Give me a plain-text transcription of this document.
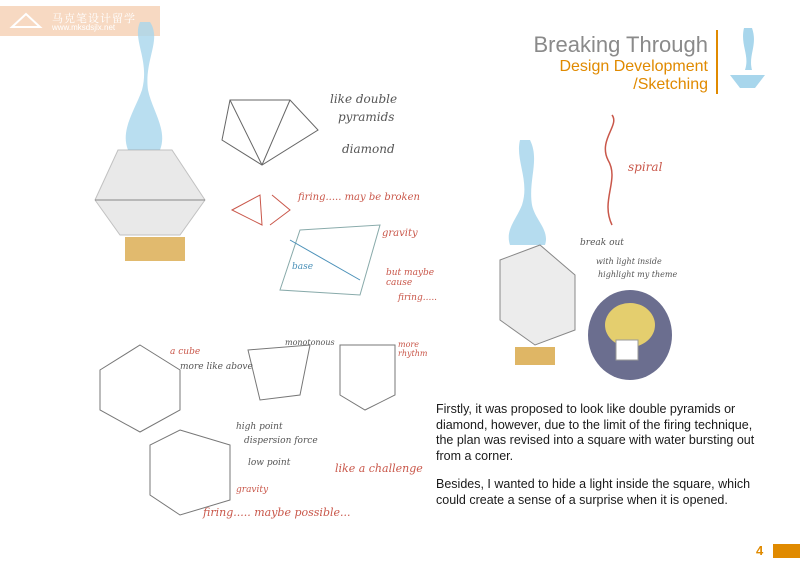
马克笔设计留学
www.mksdsjlx.net
like double
pyramids
diamond
firing..... may be broken
gravity
base
but maybe cause
firing.....
a cube
more like above
monotonous	more rhythm
high point
dispersion force
low point
gravity
like a challenge
firing..... maybe possible...
spiral
break out
with light inside
highlight my theme
Breaking Through
Design Development
/Sketching

Firstly, it was proposed to look like double pyramids or diamond, however, due to the limit of the firing technique, the plan was revised into a square with water bursting out from a corner.

Besides, I wanted to hide a light inside the square, which could create a sense of a surprise when it is opened.

4
